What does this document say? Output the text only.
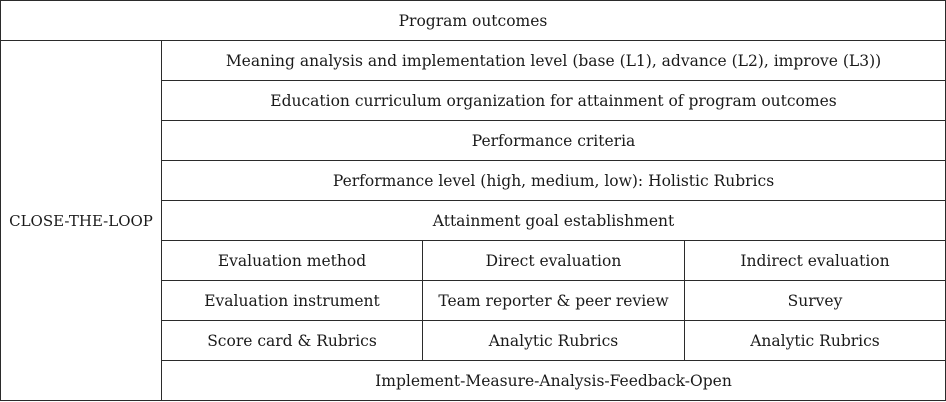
Program outcomes			
CLOSE-THE-LOOP	Meaning analysis and implementation level (base (L1), advance (L2), improve (L3))		
	Education curriculum organization for attainment of program outcomes		
	Performance criteria		
	Performance level (high, medium, low): Holistic Rubrics		
	Attainment goal establishment		
	Evaluation method	Direct evaluation	Indirect evaluation
	Evaluation instrument	Team reporter & peer review	Survey
	Score card & Rubrics	Analytic Rubrics	Analytic Rubrics
	Implement-Measure-Analysis-Feedback-Open		
